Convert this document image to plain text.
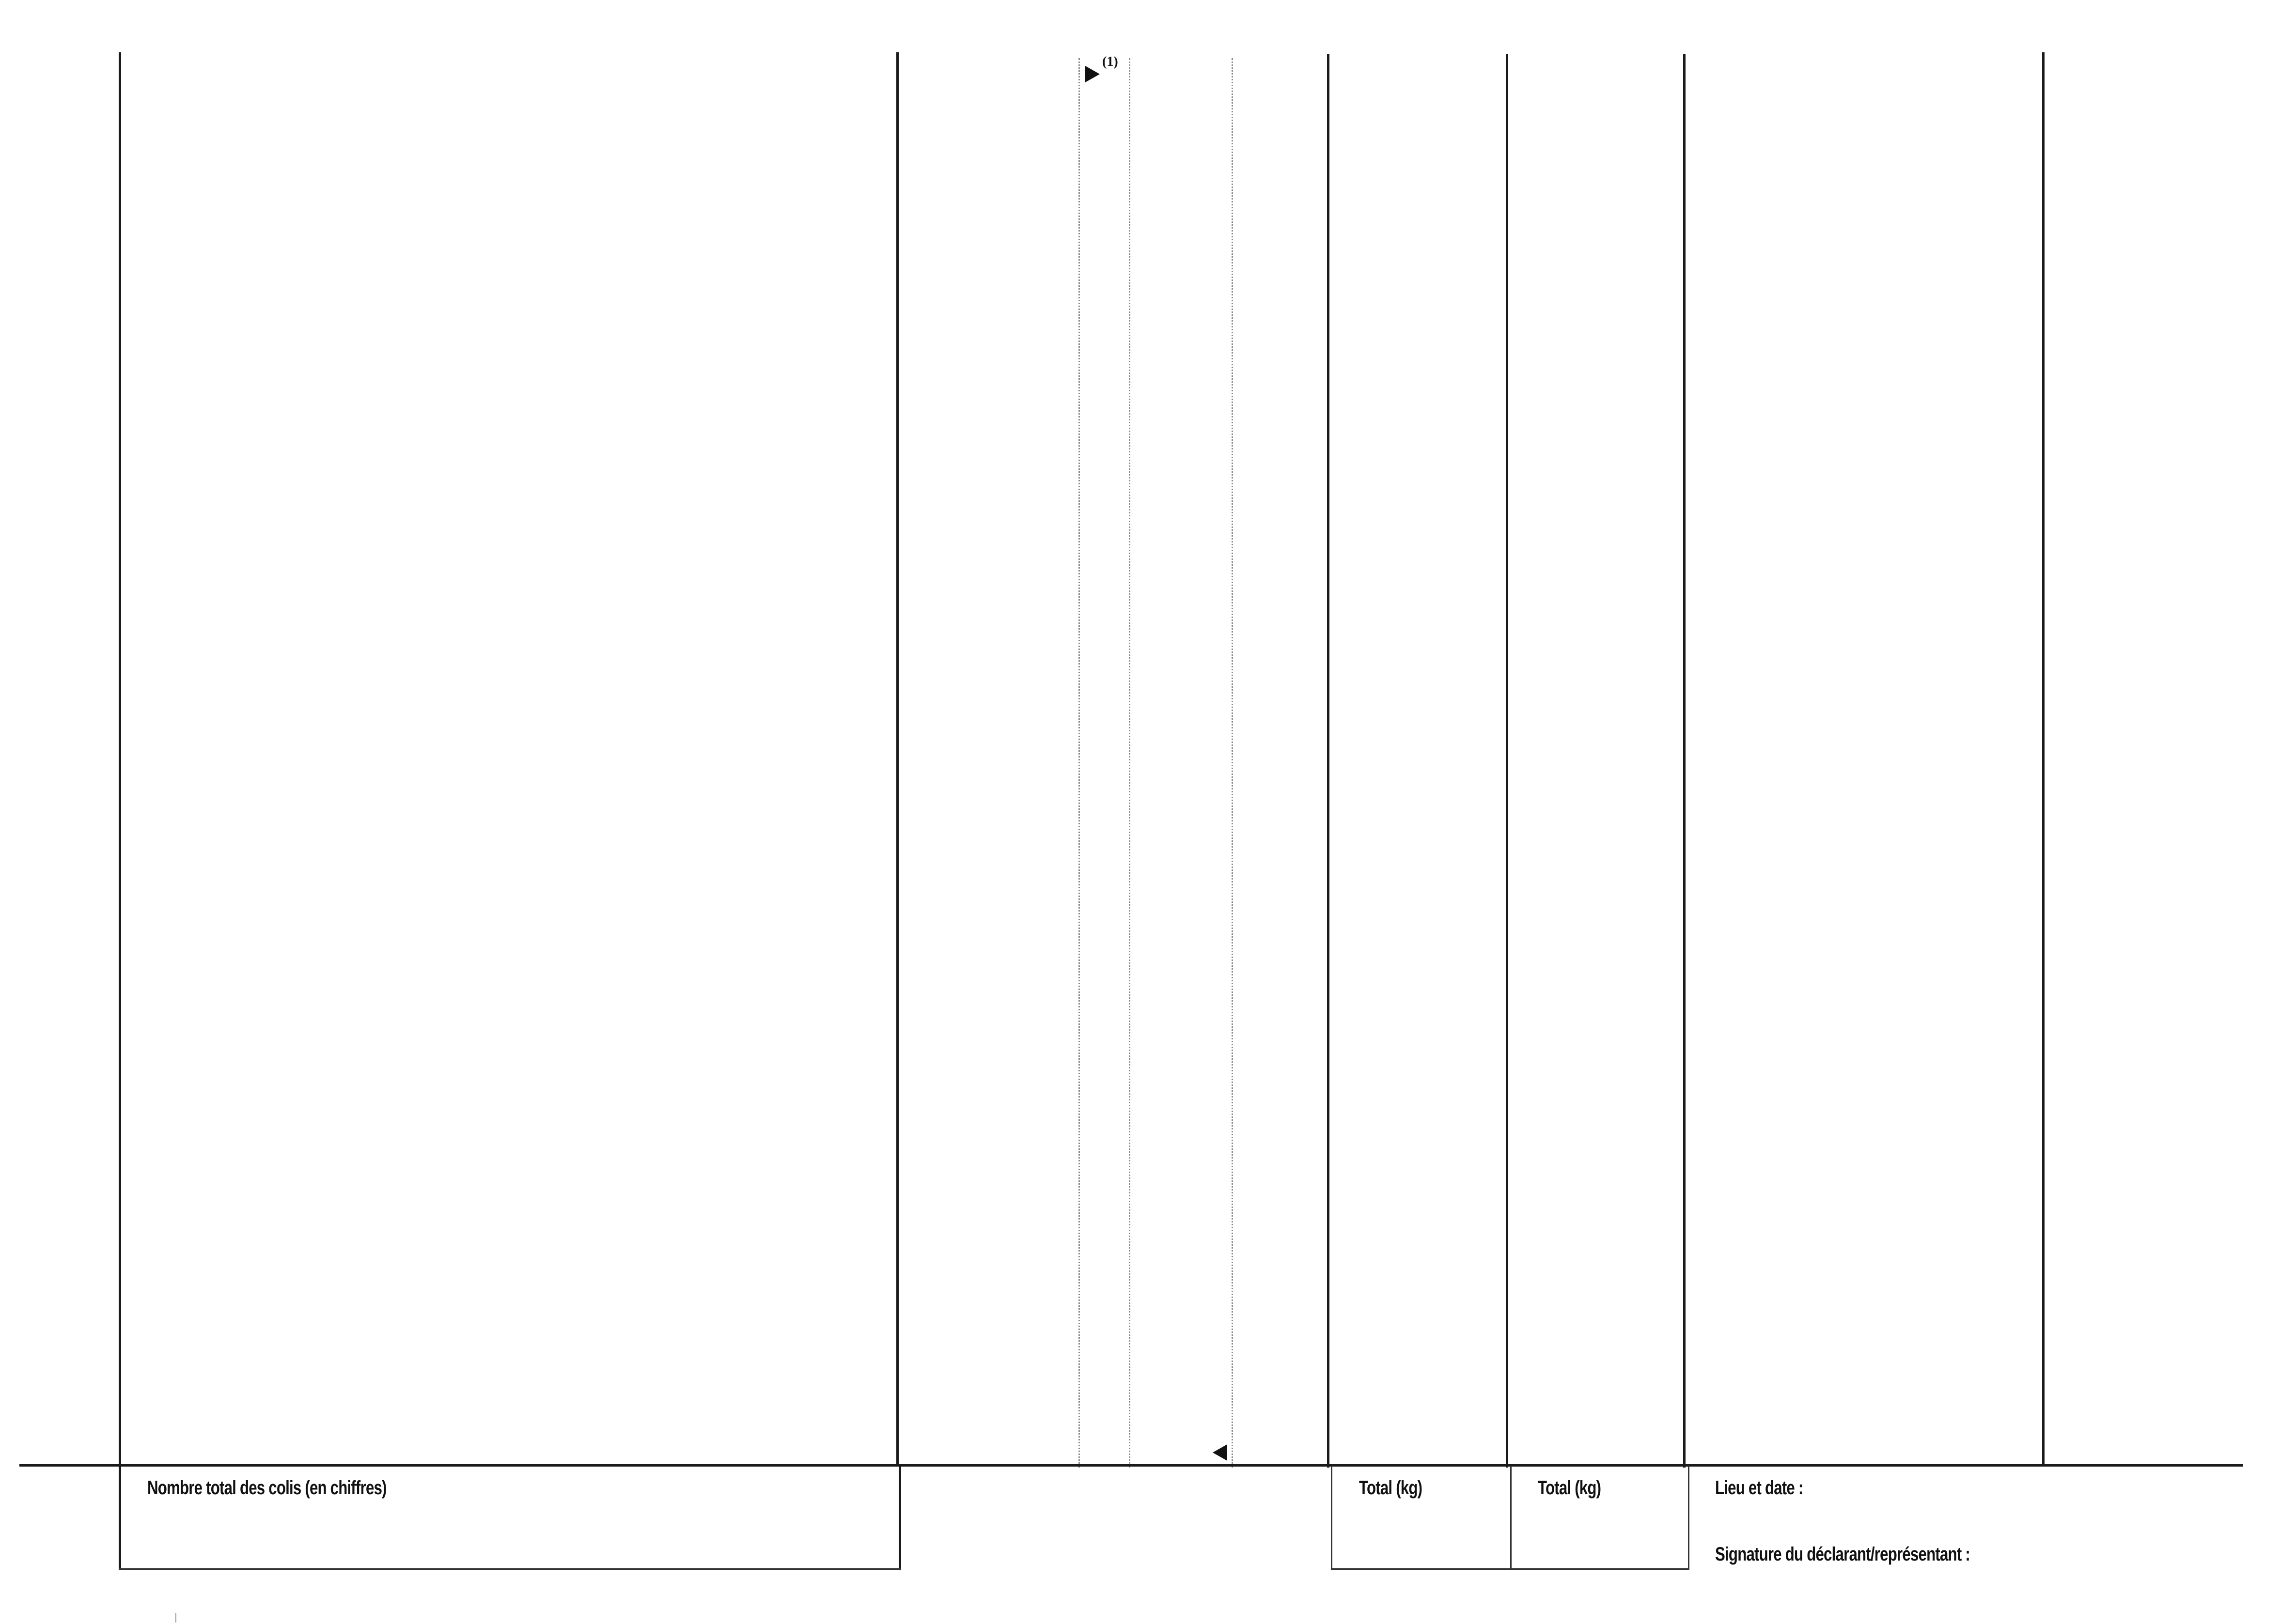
(1)
Nombre total des colis (en chiffres)	Total (kg)	Total (kg)	Lieu et date :
Signature du déclarant/représentant :
